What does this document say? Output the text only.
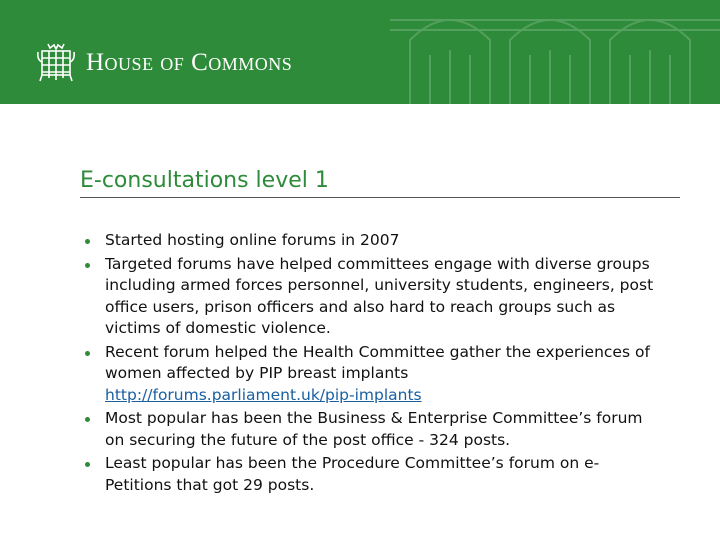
House of Commons
E-consultations level 1
Started hosting online forums in 2007
Targeted forums have helped committees engage with diverse groups including armed forces personnel, university students, engineers, post office users, prison officers and also hard to reach groups such as victims of domestic violence.
Recent forum helped the Health Committee gather the experiences of women affected by PIP breast implants
http://forums.parliament.uk/pip-implants
Most popular has been the Business & Enterprise Committee’s forum on securing the future of the post office - 324 posts.
Least popular has been the Procedure Committee’s forum on e-Petitions that got 29 posts.
